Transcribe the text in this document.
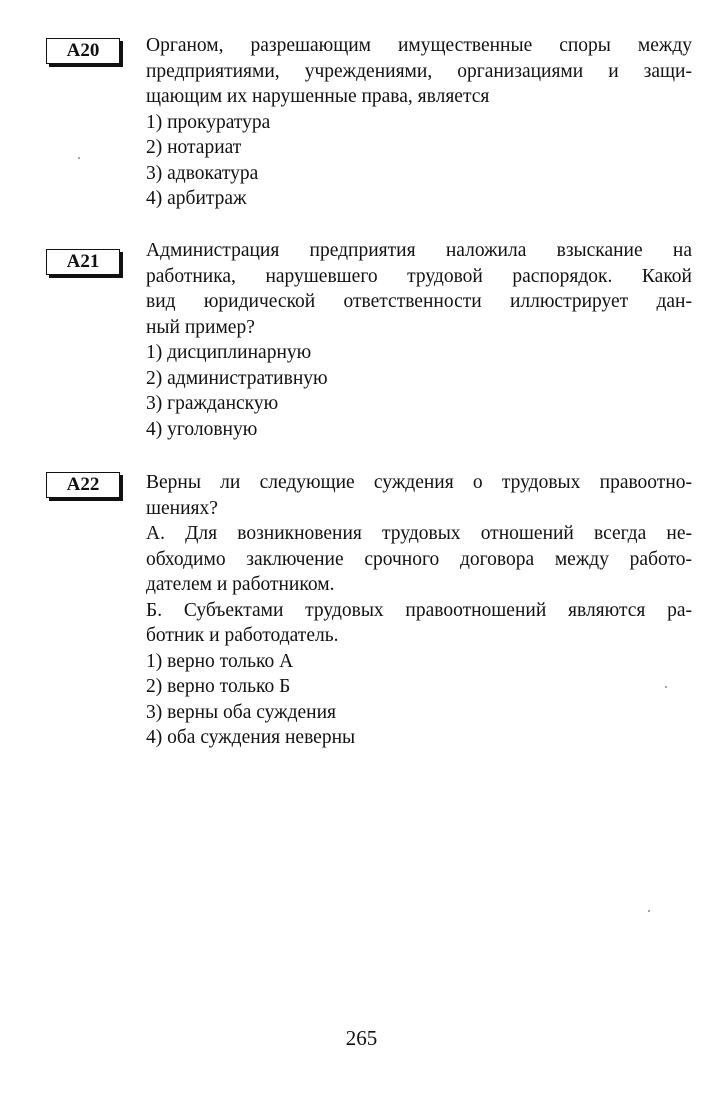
A20	Органом, разрешающим имущественные споры между
предприятиями, учреждениями, организациями и защи-
щающим их нарушенные права, является

1) прокуратура
2) нотариат
3) адвокатура
4) арбитраж
A21

Администрация предприятия наложила взыскание на
работника, нарушевшего трудовой распорядок. Какой
вид юридической ответственности иллюстрирует дан-
ный пример?

1) дисциплинарную
2) административную
3) гражданскую
4) уголовную
A22	Верны ли следующие суждения о трудовых правоотно-
шениях?

А. Для возникновения трудовых отношений всегда не-
обходимо заключение срочного договора между работо-
дателем и работником.

Б. Субъектами трудовых правоотношений являются ра-
ботник и работодатель.

1) верно только А
2) верно только Б
3) верны оба суждения
4) оба суждения неверны
265
